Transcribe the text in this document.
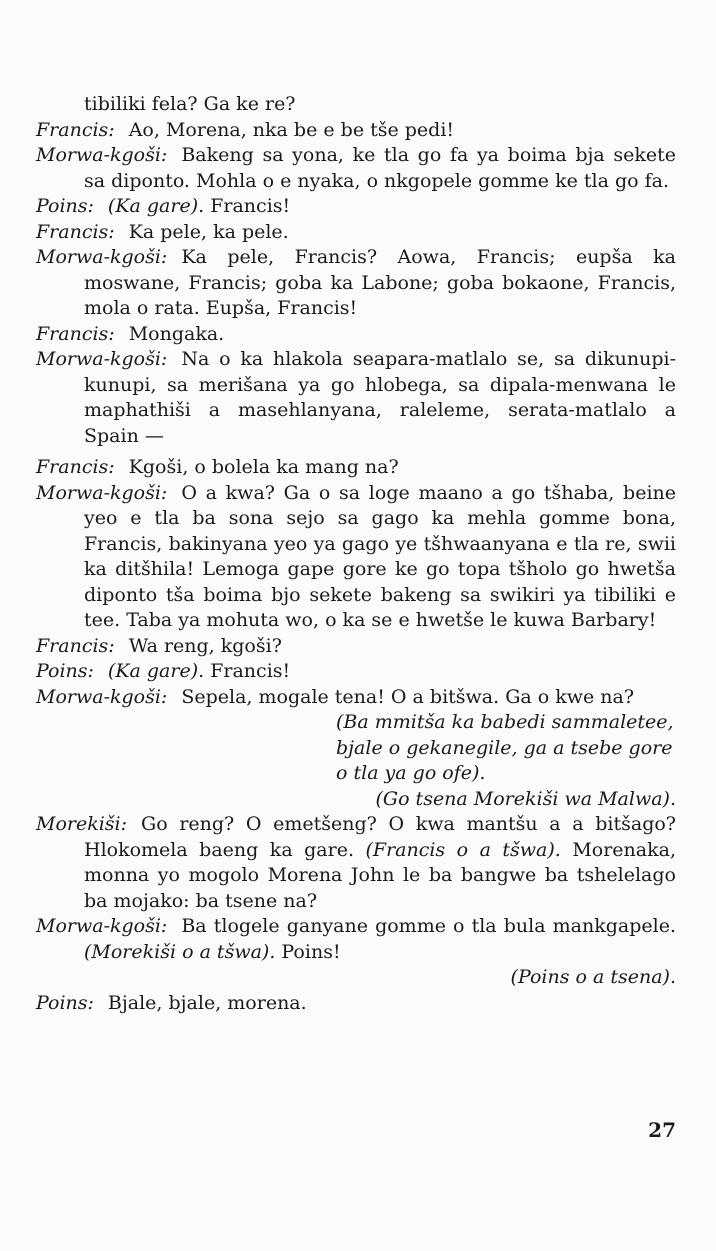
tibiliki fela? Ga ke re?

Francis: Ao, Morena, nka be e be tše pedi!

Morwa-kgoši: Bakeng sa yona, ke tla go fa ya boima bja sekete sa diponto. Mohla o e nyaka, o nkgopele gomme ke tla go fa.

Poins: (Ka gare). Francis!

Francis: Ka pele, ka pele.

Morwa-kgoši: Ka pele, Francis? Aowa, Francis; eupša ka moswane, Francis; goba ka Labone; goba bokaone, Francis, mola o rata. Eupša, Francis!

Francis: Mongaka.

Morwa-kgoši: Na o ka hlakola seapara-matlalo se, sa dikunupi-kunupi, sa merišana ya go hlobega, sa dipala-menwana le maphathiši a masehlanyana, raleleme, serata-matlalo a Spain —

Francis: Kgoši, o bolela ka mang na?

Morwa-kgoši: O a kwa? Ga o sa loge maano a go tšhaba, beine yeo e tla ba sona sejo sa gago ka mehla gomme bona, Francis, bakinyana yeo ya gago ye tšhwaanyana e tla re, swii ka ditšhila! Lemoga gape gore ke go topa tšholo go hwetša diponto tša boima bjo sekete bakeng sa swikiri ya tibiliki e tee. Taba ya mohuta wo, o ka se e hwetše le kuwa Barbary!

Francis: Wa reng, kgoši?

Poins: (Ka gare). Francis!

Morwa-kgoši: Sepela, mogale tena! O a bitšwa. Ga o kwe na?

(Ba mmitša ka babedi sammaletee, bjale o gekanegile, ga a tsebe gore o tla ya go ofe).

(Go tsena Morekiši wa Malwa).

Morekiši: Go reng? O emetšeng? O kwa mantšu a a bitšago? Hlokomela baeng ka gare. (Francis o a tšwa). Morenaka, monna yo mogolo Morena John le ba bangwe ba tshelelago ba mojako: ba tsene na?

Morwa-kgoši: Ba tlogele ganyane gomme o tla bula mankgapele. (Morekiši o a tšwa). Poins!

(Poins o a tsena).

Poins: Bjale, bjale, morena.

27
